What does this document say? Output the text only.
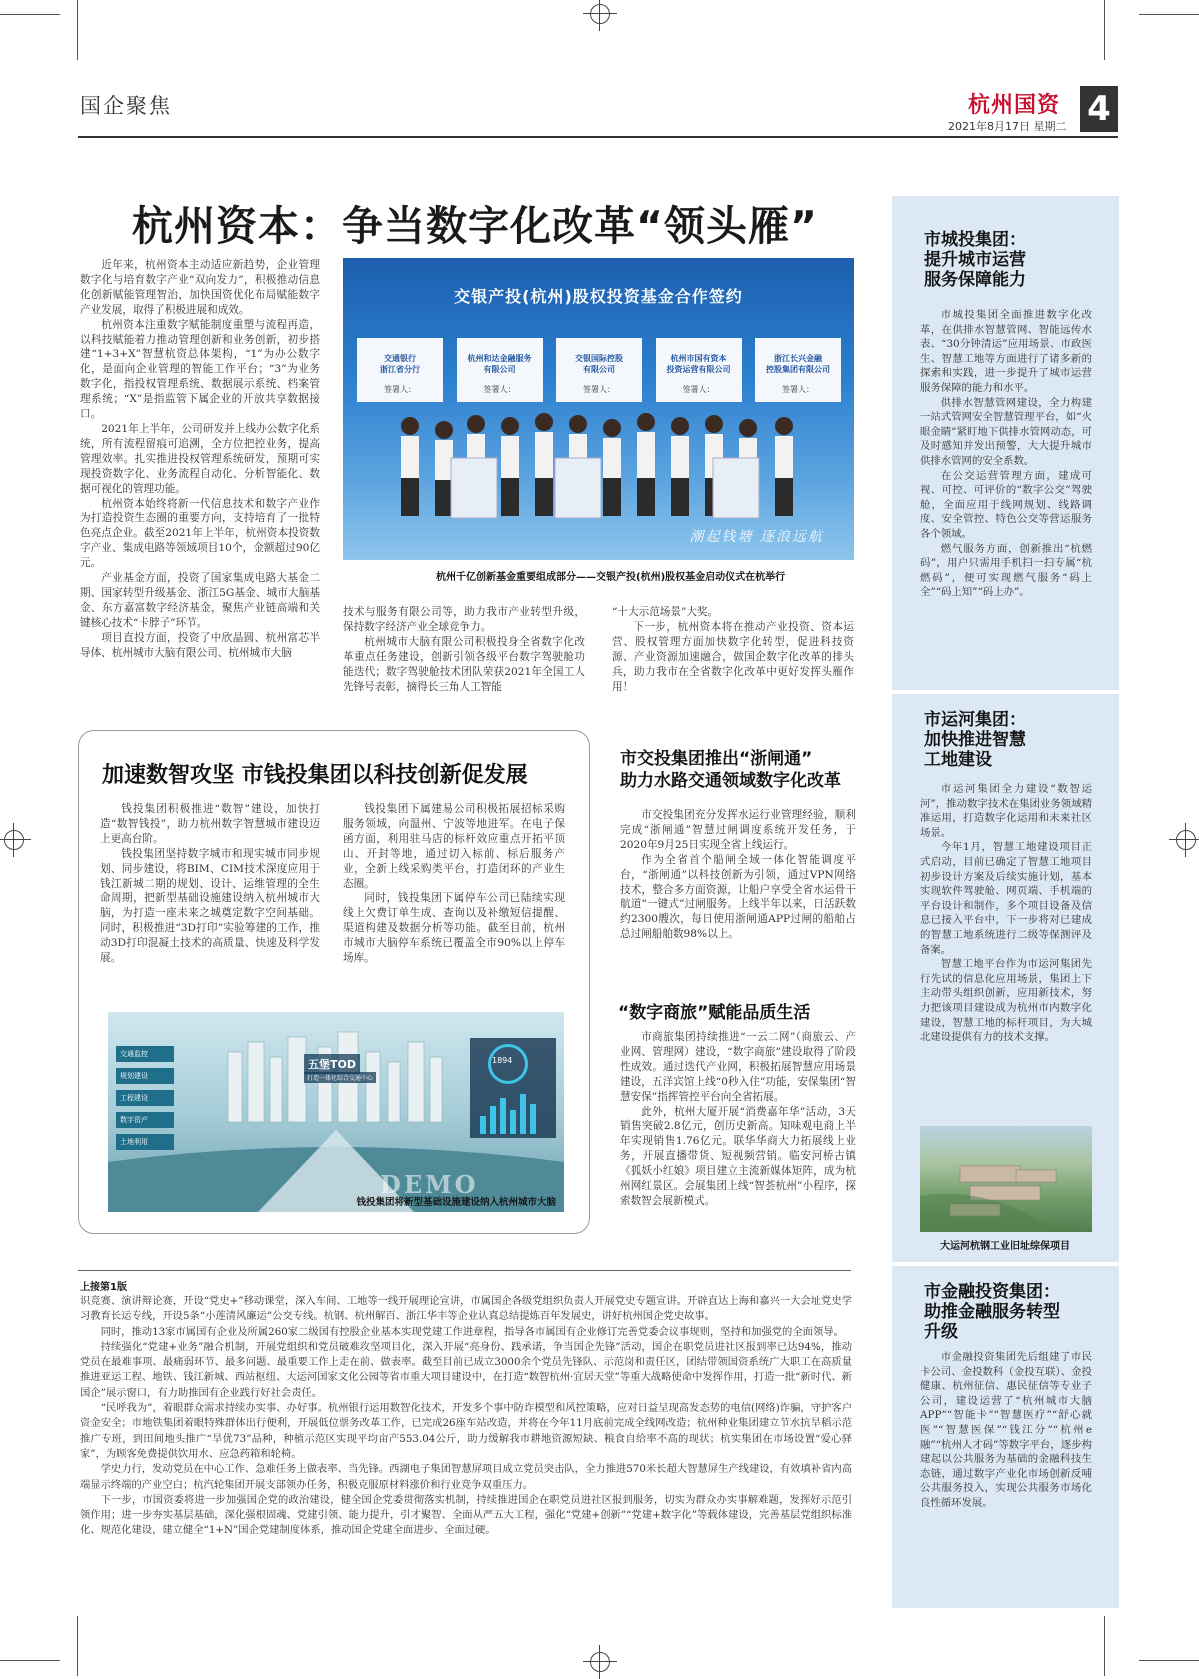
国企聚焦	杭州国资
2021年8月17日 星期二 4
杭州资本：争当数字化改革“领头雁”

近年来，杭州资本主动适应新趋势，企业管理数字化与培育数字产业“双向发力”，积极推动信息化创新赋能管理智治，加快国资优化布局赋能数字产业发展，取得了积极进展和成效。

杭州资本注重数字赋能制度重塑与流程再造，以科技赋能着力推动管理创新和业务创新，初步搭建“1+3+X”智慧杭资总体架构，“1”为办公数字化，是面向企业管理的智能工作平台；“3”为业务数字化，指投权管理系统、数据展示系统、档案管理系统；“X”是指监管下属企业的开放共享数据接口。

2021年上半年，公司研发并上线办公数字化系统，所有流程留痕可追溯，全方位把控业务，提高管理效率。扎实推进投权管理系统研发，预期可实现投资数字化、业务流程自动化、分析智能化、数据可视化的管理功能。

杭州资本始终将新一代信息技术和数字产业作为打造投资生态圈的重要方向，支持培育了一批特色亮点企业。截至2021年上半年，杭州资本投资数字产业、集成电路等领域项目10个，金额超过90亿元。

产业基金方面，投资了国家集成电路大基金二期、国家转型升级基金、浙江5G基金、城市大脑基金、东方嘉富数字经济基金，聚焦产业链高端和关键核心技术“卡脖子”环节。

项目直投方面，投资了中欣晶圆、杭州富芯半导体、杭州城市大脑有限公司、杭州城市大脑

交银产投(杭州)股权投资基金合作签约

交通银行
浙江省分行

签署人：

杭州和达金融服务
有限公司

签署人：

交银国际控股
有限公司

签署人：

杭州市国有资本
投资运营有限公司

签署人：

浙江长兴金融
控股集团有限公司

签署人：

潮起钱塘 逐浪远航
杭州千亿创新基金重要组成部分——交银产投(杭州)股权基金启动仪式在杭举行

技术与服务有限公司等，助力我市产业转型升级，保持数字经济产业全球竞争力。

杭州城市大脑有限公司积极投身全省数字化改革重点任务建设，创新引领各级平台数字驾驶舱功能迭代；数字驾驶舱技术团队荣获2021年全国工人先锋号表彰，摘得长三角人工智能

“十大示范场景”大奖。

下一步，杭州资本将在推动产业投资、资本运营、股权管理方面加快数字化转型，促进科技资源、产业资源加速融合，做国企数字化改革的排头兵，助力我市在全省数字化改革中更好发挥头雁作用！

加速数智攻坚 市钱投集团以科技创新促发展

钱投集团积极推进“数智”建设，加快打造“数智钱投”，助力杭州数字智慧城市建设迈上更高台阶。

钱投集团坚持数字城市和现实城市同步规划、同步建设，将BIM、CIM技术深度应用于钱江新城二期的规划、设计、运维管理的全生命周期，把新型基础设施建设纳入杭州城市大脑，为打造一座未来之城奠定数字空间基础。同时，积极推进“3D打印”实验筹建的工作，推动3D打印混凝土技术的高质量、快速及科学发展。

钱投集团下属建易公司积极拓展招标采购服务领域，向温州、宁波等地进军。在电子保函方面，利用驻马店的标杆效应重点开拓平顶山、开封等地，通过切入标前、标后服务产业，全新上线采购类平台，打造闭环的产业生态圈。

同时，钱投集团下属停车公司已陆续实现线上欠费订单生成、查询以及补缴短信提醒、渠道构建及数据分析等功能。截至目前，杭州市城市大脑停车系统已覆盖全市90%以上停车场库。

交通监控
规划建设
工程建设
数字资产
土地利用
五堡TOD
打造一体化综合交通中心
1894
DEMO
钱投集团将新型基础设施建设纳入杭州城市大脑
市交投集团推出“浙闸通”
助力水路交通领域数字化改革

市交投集团充分发挥水运行业管理经验，顺利完成“浙闸通”智慧过闸调度系统开发任务，于2020年9月25日实现全省上线运行。

作为全省首个船闸全域一体化智能调度平台，“浙闸通”以科技创新为引领，通过VPN网络技术，整合多方面资源，让船户享受全省水运骨干航道“一键式”过闸服务。上线半年以来，日活跃数约2300艘次，每日使用浙闸通APP过闸的船舶占总过闸船舶数98%以上。

“数字商旅”赋能品质生活

市商旅集团持续推进“一云二网”（商旅云、产业网、管理网）建设，“数字商旅”建设取得了阶段性成效。通过迭代产业网，积极拓展智慧应用场景建设，五洋宾馆上线“0秒入住”功能，安保集团“智慧安保”指挥管控平台向全省拓展。

此外，杭州大厦开展“消费嘉年华”活动，3天销售突破2.8亿元，创历史新高。知味观电商上半年实现销售1.76亿元。联华华商大力拓展线上业务，开展直播带货、短视频营销。临安河桥古镇《狐妖小红娘》项目建立主流新媒体矩阵，成为杭州网红景区。会展集团上线“智荟杭州”小程序，探索数智会展新模式。

上接第1版

识竞赛、演讲辩论赛，开设“党史+”移动课堂，深入车间、工地等一线开展理论宣讲，市属国企各级党组织负责人开展党史专题宣讲。开辟直达上海和嘉兴一大会址党史学习教育长运专线，开设5条“小莲清风廉运”公交专线。杭钢、杭州解百、浙江华丰等企业认真总结提炼百年发展史，讲好杭州国企党史故事。

同时，推动13家市属国有企业及所属260家二级国有控股企业基本实现党建工作进章程，指导各市属国有企业修订完善党委会议事规则，坚持和加强党的全面领导。

持续强化“党建+业务”融合机制，开展党组织和党员破难攻坚项目化，深入开展“亮身份、践承诺，争当国企先锋”活动，国企在职党员进社区报到率已达94%，推动党员在最难事项、最痛弱环节、最多问题、最重要工作上走在前、做表率。截至目前已成立3000余个党员先锋队、示范岗和责任区，团结带领国资系统广大职工在高质量推进亚运工程、地铁、钱江新城、西站枢纽、大运河国家文化公园等省市重大项目建设中，在打造“数智杭州·宜居天堂”等重大战略使命中发挥作用，打造一批“新时代、新国企”展示窗口，有力助推国有企业践行好社会责任。

“民呼我为”，着眼群众需求持续办实事、办好事。杭州银行运用数智化技术，开发多个事中防诈模型和风控策略，应对日益呈现高发态势的电信(网络)诈骗，守护客户资金安全；市地铁集团着眼特殊群体出行便利，开展低位票务改革工作，已完成26座车站改造，并将在今年11月底前完成全线网改造；杭州种业集团建立节水抗旱稻示范推广专班，到田间地头推广“旱优73”品种，种植示范区实现平均亩产553.04公斤，助力缓解我市耕地资源短缺、粮食自给率不高的现状；杭实集团在市场设置“爱心驿家”，为顾客免费提供饮用水、应急药箱和轮椅。

学史力行，发动党员在中心工作、急难任务上做表率、当先锋。西湖电子集团智慧屏项目成立党员突击队，全力推进570米长超大智慧屏生产线建设，有效填补省内高端显示终端的产业空白；杭汽轮集团开展支部领办任务，积极克服原材料涨价和行业竞争双重压力。

下一步，市国资委将进一步加强国企党的政治建设，健全国企党委贯彻落实机制，持续推进国企在职党员进社区报到服务，切实为群众办实事解难题，发挥好示范引领作用；进一步夯实基层基础，深化强根固魂、党建引领、能力提升，引才聚智、全面从严五大工程，强化“党建+创新”“党建+数字化”等载体建设，完善基层党组织标准化、规范化建设，建立健全“1+N”国企党建制度体系，推动国企党建全面进步、全面过硬。

市城投集团：
提升城市运营
服务保障能力

市城投集团全面推进数字化改革，在供排水智慧管网、智能远传水表、“30分钟清运”应用场景、市政医生、智慧工地等方面进行了诸多新的探索和实践，进一步提升了城市运营服务保障的能力和水平。

供排水智慧管网建设，全力构建一站式管网安全智慧管理平台，如“火眼金睛”紧盯地下供排水管网动态，可及时感知并发出预警，大大提升城市供排水管网的安全系数。

在公交运营管理方面，建成可视、可控、可评价的“数字公交”驾驶舱，全面应用于线网规划、线路调度、安全管控、特色公交等营运服务各个领域。

燃气服务方面，创新推出“杭燃码”，用户只需用手机扫一扫专属“杭燃码”，便可实现燃气服务“码上全”“码上知”“码上办”。

市运河集团：
加快推进智慧
工地建设

市运河集团全力建设“数智运河”，推动数字技术在集团业务领域精准运用，打造数字化运用和未来社区场景。

今年1月，智慧工地建设项目正式启动，目前已确定了智慧工地项目初步设计方案及后续实施计划，基本实现软件驾驶舱、网页端、手机端的平台设计和制作，多个项目设备及信息已接入平台中，下一步将对已建成的智慧工地系统进行二级等保测评及备案。

智慧工地平台作为市运河集团先行先试的信息化应用场景，集团上下主动带头组织创新，应用新技术，努力把该项目建设成为杭州市内数字化建设，智慧工地的标杆项目，为大城北建设提供有力的技术支撑。

大运河杭钢工业旧址综保项目
市金融投资集团：
助推金融服务转型
升级

市金融投资集团先后组建了市民卡公司、金投数科（金投互联）、金投健康、杭州征信、惠民征信等专业子公司，建设运营了“杭州城市大脑APP”“智能卡”“智慧医疗”“舒心就医”“智慧医保”“钱江分”“杭州e融”“杭州人才码”等数字平台，逐步构建起以公共服务为基础的金融科技生态链，通过数字产业化市场创新反哺公共服务投入，实现公共服务市场化良性循环发展。
